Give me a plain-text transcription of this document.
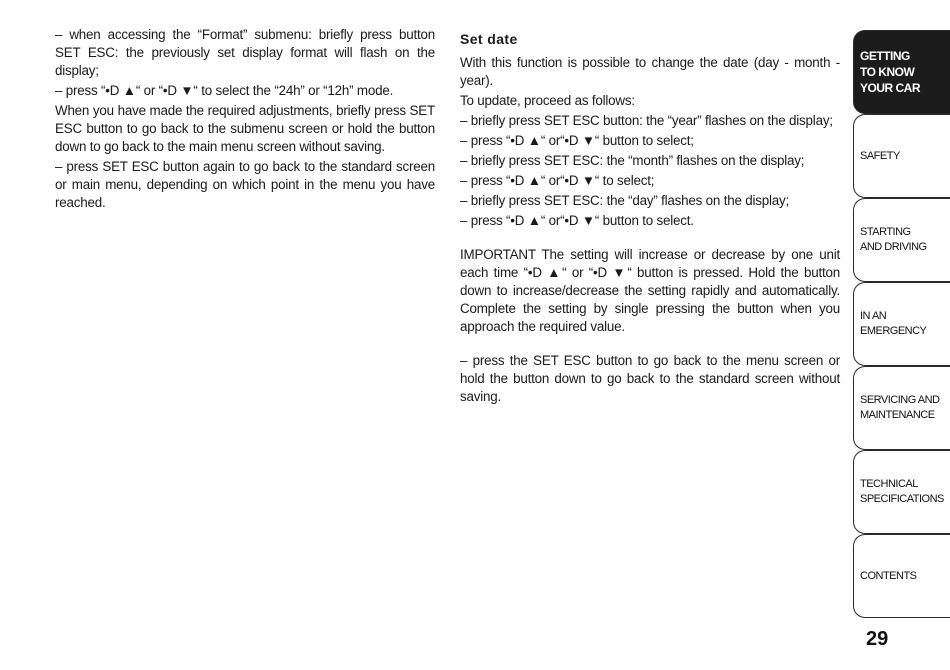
– when accessing the “Format” submenu: briefly press button SET ESC: the previously set display format will flash on the display;

– press “•D ▲“ or “•D ▼“ to select the “24h” or “12h” mode.

When you have made the required adjustments, briefly press SET ESC button to go back to the submenu screen or hold the button down to go back to the main menu screen without saving.

– press SET ESC button again to go back to the standard screen or main menu, depending on which point in the menu you have reached.

Set date

With this function is possible to change the date (day - month - year).

To update, proceed as follows:

– briefly press SET ESC button: the “year” flashes on the display;

– press “•D ▲“ or“•D ▼“ button to select;

– briefly press SET ESC: the “month” flashes on the display;

– press “•D ▲“ or“•D ▼“ to select;

– briefly press SET ESC: the “day” flashes on the display;

– press “•D ▲“ or“•D ▼“ button to select.

IMPORTANT The setting will increase or decrease by one unit each time “•D ▲“ or “•D ▼“ button is pressed. Hold the button down to increase/decrease the setting rapidly and automatically. Complete the setting by single pressing the button when you approach the required value.

– press the SET ESC button to go back to the menu screen or hold the button down to go back to the standard screen without saving.

GETTING
TO KNOW
YOUR CAR
SAFETY
STARTING
AND DRIVING
IN AN
EMERGENCY
SERVICING AND
MAINTENANCE
TECHNICAL
SPECIFICATIONS
CONTENTS
29
